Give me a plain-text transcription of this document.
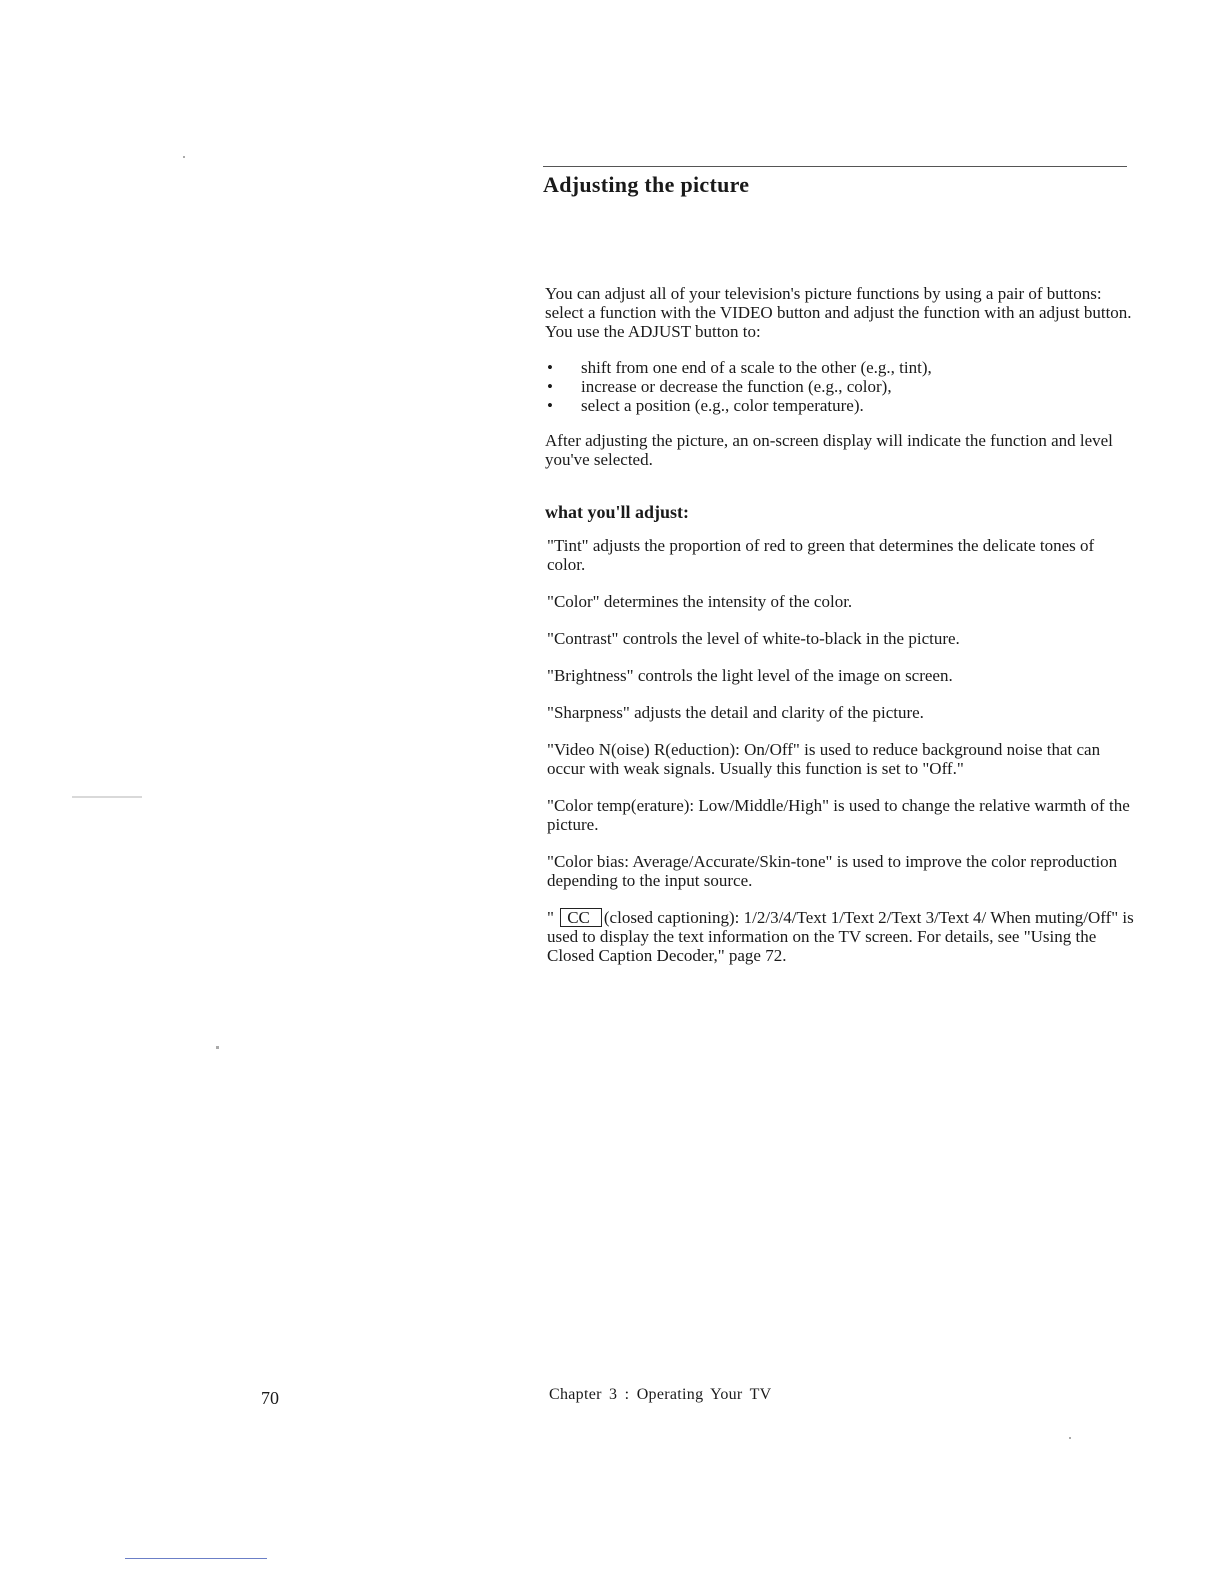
Adjusting the picture

You can adjust all of your television's picture functions by using a pair of buttons: select a function with the VIDEO button and adjust the function with an adjust button. You use the ADJUST button to:

• shift from one end of a scale to the other (e.g., tint),
• increase or decrease the function (e.g., color),
• select a position (e.g., color temperature).

After adjusting the picture, an on-screen display will indicate the function and level you've selected.

what you'll adjust:

"Tint" adjusts the proportion of red to green that determines the delicate tones of color.

"Color" determines the intensity of the color.

"Contrast" controls the level of white-to-black in the picture.

"Brightness" controls the light level of the image on screen.

"Sharpness" adjusts the detail and clarity of the picture.

"Video N(oise) R(eduction): On/Off" is used to reduce background noise that can occur with weak signals. Usually this function is set to "Off."

"Color temp(erature): Low/Middle/High" is used to change the relative warmth of the picture.

"Color bias: Average/Accurate/Skin-tone" is used to improve the color reproduction depending to the input source.

" CC (closed captioning): 1/2/3/4/Text 1/Text 2/Text 3/Text 4/ When muting/Off" is used to display the text information on the TV screen. For details, see "Using the Closed Caption Decoder," page 72.

70	Chapter 3 : Operating Your TV
